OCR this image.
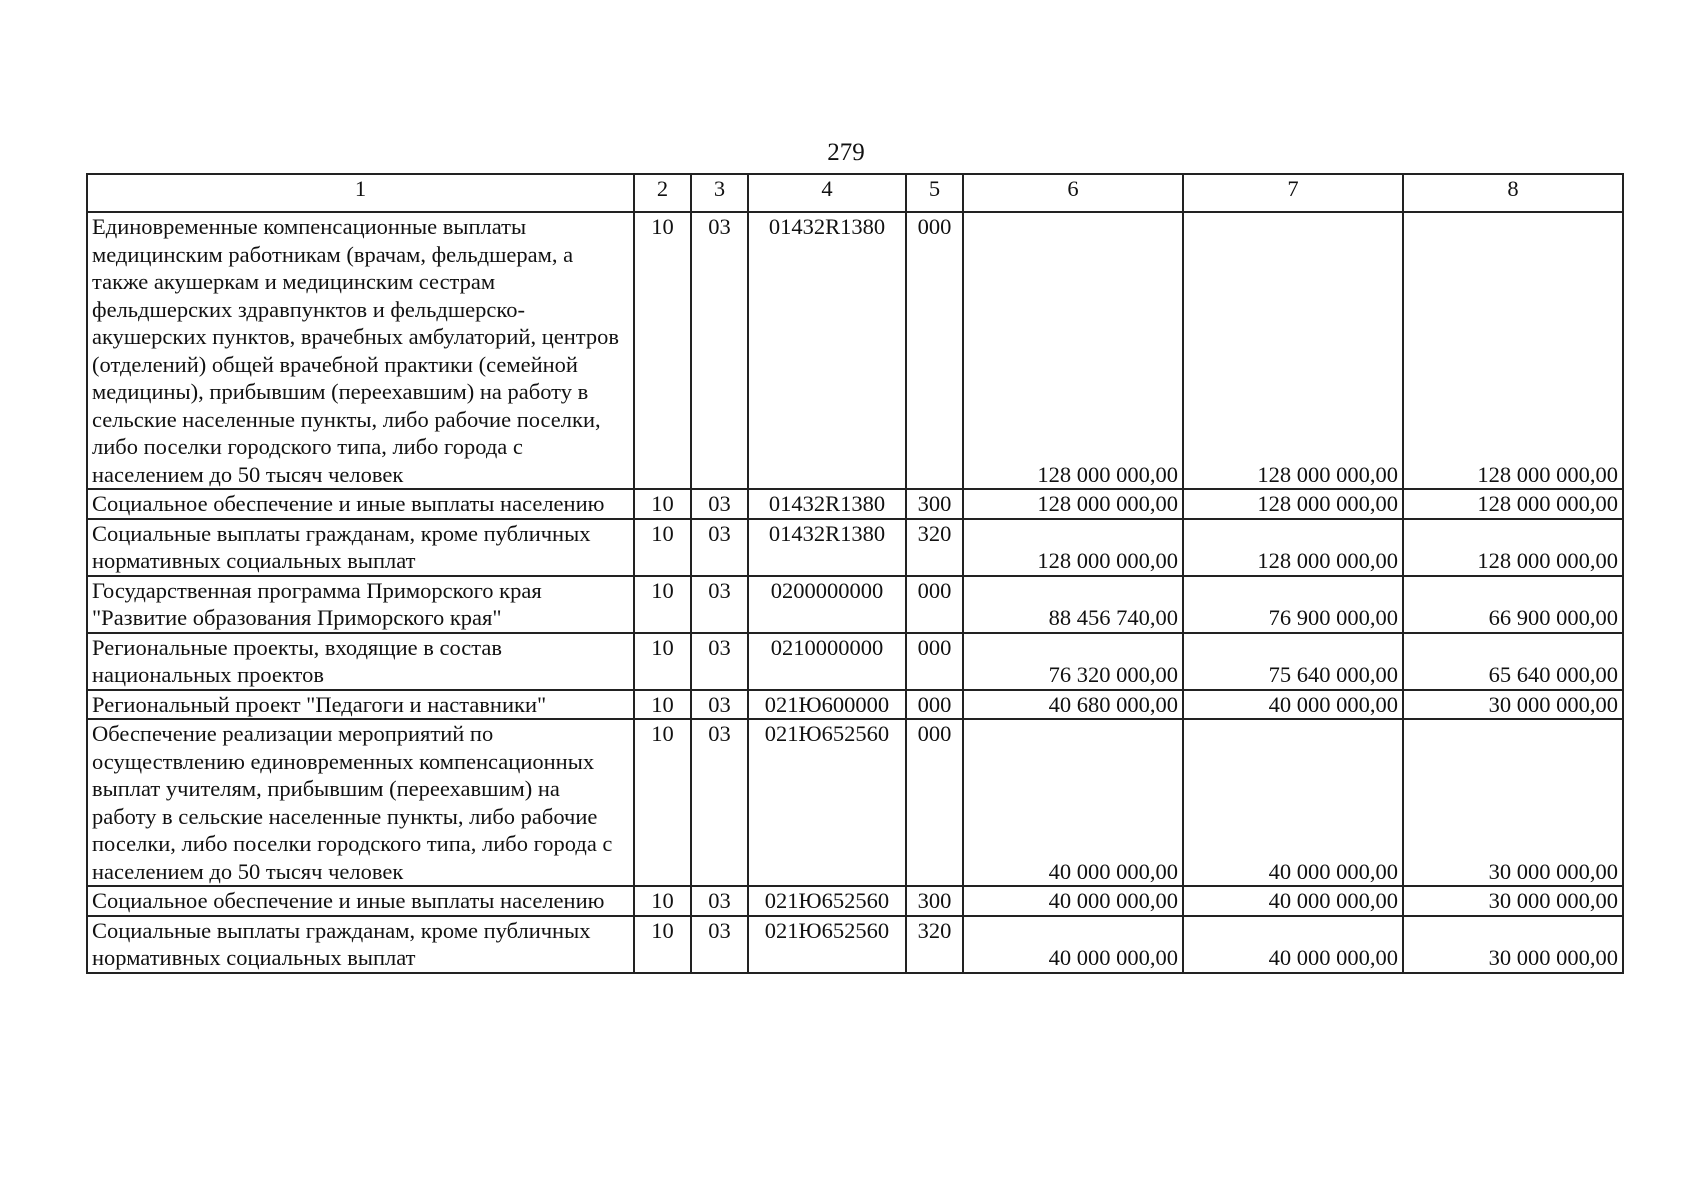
279
1	2	3	4	5	6	7	8
Единовременные компенсационные выплаты медицинским работникам (врачам, фельдшерам, а также акушеркам и медицинским сестрам фельдшерских здравпунктов и фельдшерско-акушерских пунктов, врачебных амбулаторий, центров (отделений) общей врачебной практики (семейной медицины), прибывшим (переехавшим) на работу в сельские населенные пункты, либо рабочие поселки, либо поселки городского типа, либо города с населением до 50 тысяч человек	10	03	01432R1380	000	128 000 000,00	128 000 000,00	128 000 000,00
Социальное обеспечение и иные выплаты населению	10	03	01432R1380	300	128 000 000,00	128 000 000,00	128 000 000,00
Социальные выплаты гражданам, кроме публичных нормативных социальных выплат	10	03	01432R1380	320	128 000 000,00	128 000 000,00	128 000 000,00
Государственная программа Приморского края "Развитие образования Приморского края"	10	03	0200000000	000	88 456 740,00	76 900 000,00	66 900 000,00
Региональные проекты, входящие в состав национальных проектов	10	03	0210000000	000	76 320 000,00	75 640 000,00	65 640 000,00
Региональный проект "Педагоги и наставники"	10	03	021Ю600000	000	40 680 000,00	40 000 000,00	30 000 000,00
Обеспечение реализации мероприятий по осуществлению единовременных компенсационных выплат учителям, прибывшим (переехавшим) на работу в сельские населенные пункты, либо рабочие поселки, либо поселки городского типа, либо города с населением до 50 тысяч человек	10	03	021Ю652560	000	40 000 000,00	40 000 000,00	30 000 000,00
Социальное обеспечение и иные выплаты населению	10	03	021Ю652560	300	40 000 000,00	40 000 000,00	30 000 000,00
Социальные выплаты гражданам, кроме публичных нормативных социальных выплат	10	03	021Ю652560	320	40 000 000,00	40 000 000,00	30 000 000,00
